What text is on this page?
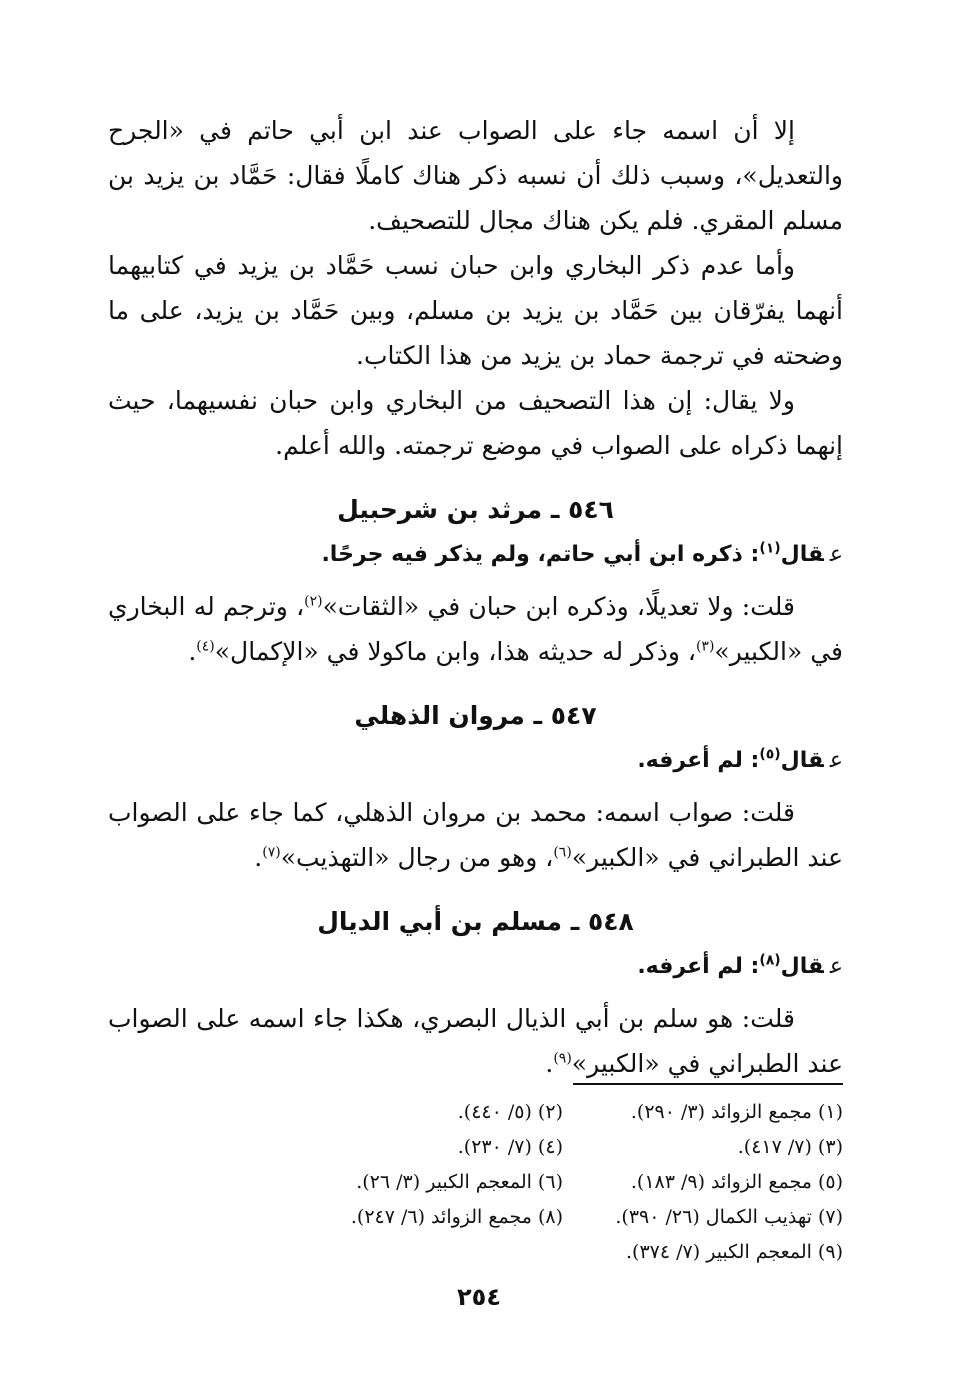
إلا أن اسمه جاء على الصواب عند ابن أبي حاتم في «الجرح والتعديل»، وسبب ذلك أن نسبه ذكر هناك كاملًا فقال: حَمَّاد بن يزيد بن مسلم المقري. فلم يكن هناك مجال للتصحيف.

وأما عدم ذكر البخاري وابن حبان نسب حَمَّاد بن يزيد في كتابيهما أنهما يفرّقان بين حَمَّاد بن يزيد بن مسلم، وبين حَمَّاد بن يزيد، على ما وضحته في ترجمة حماد بن يزيد من هذا الكتاب.

ولا يقال: إن هذا التصحيف من البخاري وابن حبان نفسيهما، حيث إنهما ذكراه على الصواب في موضع ترجمته. والله أعلم.

٥٤٦ ـ مرثد بن شرحبيل
عقال$^{(١)}$: ذكره ابن أبي حاتم، ولم يذكر فيه جرحًا.

قلت: ولا تعديلًا، وذكره ابن حبان في «الثقات»$^{(٢)}$، وترجم له البخاري في «الكبير»$^{(٣)}$، وذكر له حديثه هذا، وابن ماكولا في «الإكمال»$^{(٤)}$.

٥٤٧ ـ مروان الذهلي
عقال$^{(٥)}$: لم أعرفه.

قلت: صواب اسمه: محمد بن مروان الذهلي، كما جاء على الصواب عند الطبراني في «الكبير»$^{(٦)}$، وهو من رجال «التهذيب»$^{(٧)}$.

٥٤٨ ـ مسلم بن أبي الديال
عقال$^{(٨)}$: لم أعرفه.

قلت: هو سلم بن أبي الذيال البصري، هكذا جاء اسمه على الصواب عند الطبراني في «الكبير»$^{(٩)}$.

(١) مجمع الزوائد (٣/ ٢٩٠).
(٢) (٥/ ٤٤٠).
(٣) (٧/ ٤١٧).
(٤) (٧/ ٢٣٠).
(٥) مجمع الزوائد (٩/ ١٨٣).
(٦) المعجم الكبير (٣/ ٢٦).
(٧) تهذيب الكمال (٢٦/ ٣٩٠).
(٨) مجمع الزوائد (٦/ ٢٤٧).
(٩) المعجم الكبير (٧/ ٣٧٤).
٢٥٤
